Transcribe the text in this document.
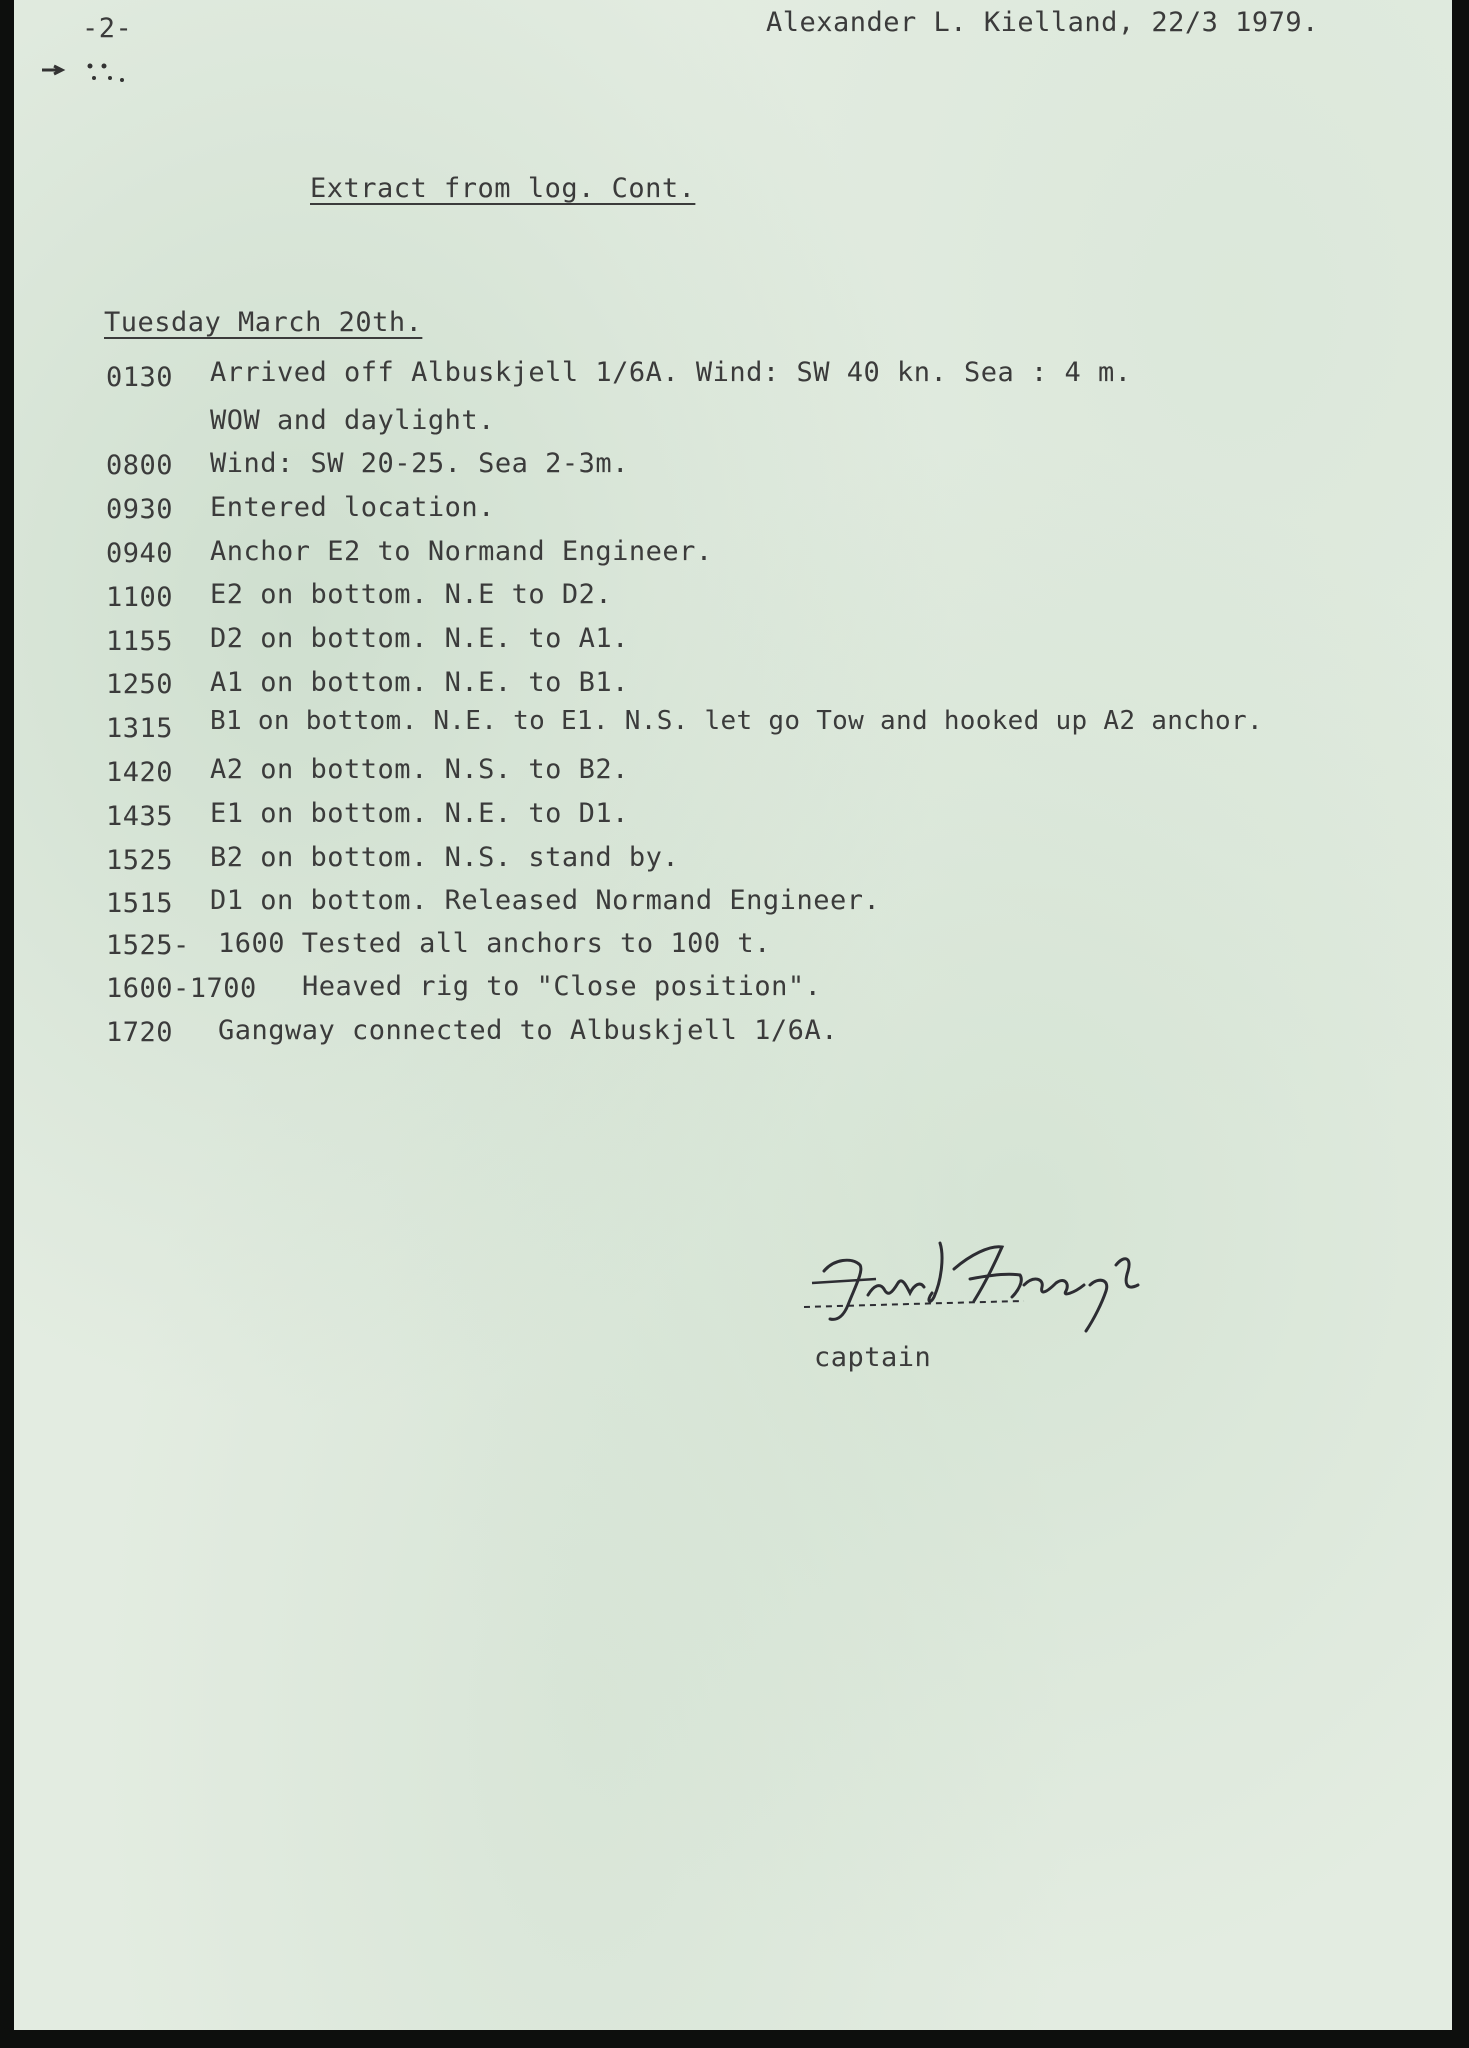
-2-	Alexander L. Kielland, 22/3 1979.
Extract from log. Cont.
Tuesday March 20th.
0130 Arrived off Albuskjell 1/6A. Wind: SW 40 kn. Sea : 4 m.
WOW and daylight.
0800 Wind: SW 20-25. Sea 2-3m.
0930 Entered location.
0940 Anchor E2 to Normand Engineer.
1100 E2 on bottom. N.E to D2.
1155 D2 on bottom. N.E. to A1.
1250 A1 on bottom. N.E. to B1.
1315 B1 on bottom. N.E. to E1. N.S. let go Tow and hooked up A2 anchor.
1420 A2 on bottom. N.S. to B2.
1435 E1 on bottom. N.E. to D1.
1525 B2 on bottom. N.S. stand by.
1515 D1 on bottom. Released Normand Engineer.
1525- 1600 Tested all anchors to 100 t.
1600-1700 Heaved rig to "Close position".
1720 Gangway connected to Albuskjell 1/6A.
captain
